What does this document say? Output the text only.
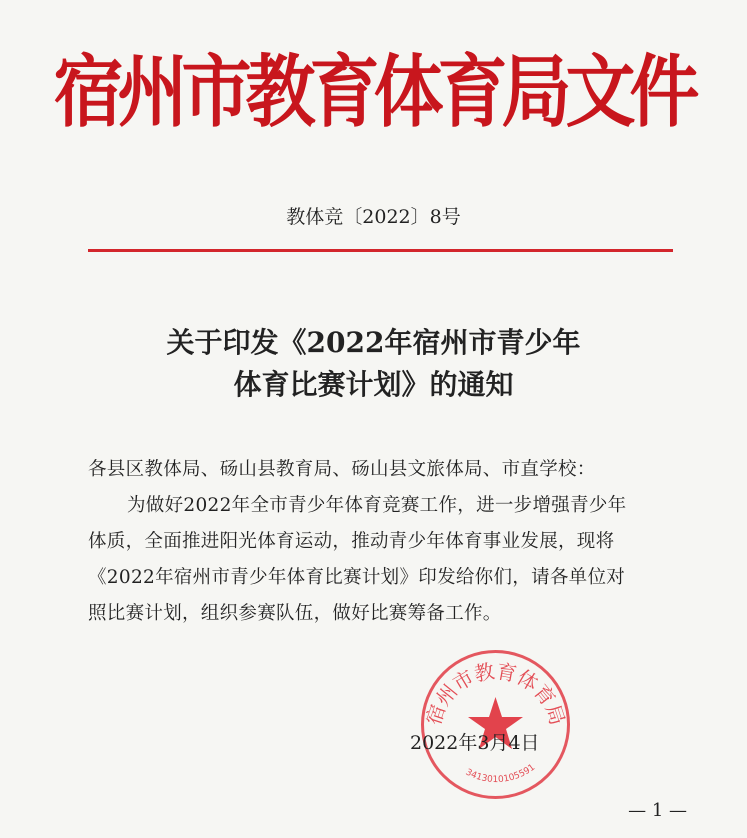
宿州市教育体育局文件
教体竞〔2022〕8号
关于印发《2022年宿州市青少年
体育比赛计划》的通知
各县区教体局、砀山县教育局、砀山县文旅体局、市直学校：
为做好2022年全市青少年体育竞赛工作，进一步增强青少年
体质，全面推进阳光体育运动，推动青少年体育事业发展，现将
《2022年宿州市青少年体育比赛计划》印发给你们，请各单位对
照比赛计划，组织参赛队伍，做好比赛筹备工作。
宿州市教育体育局
3413010105591
2022年3月4日
— 1 —
